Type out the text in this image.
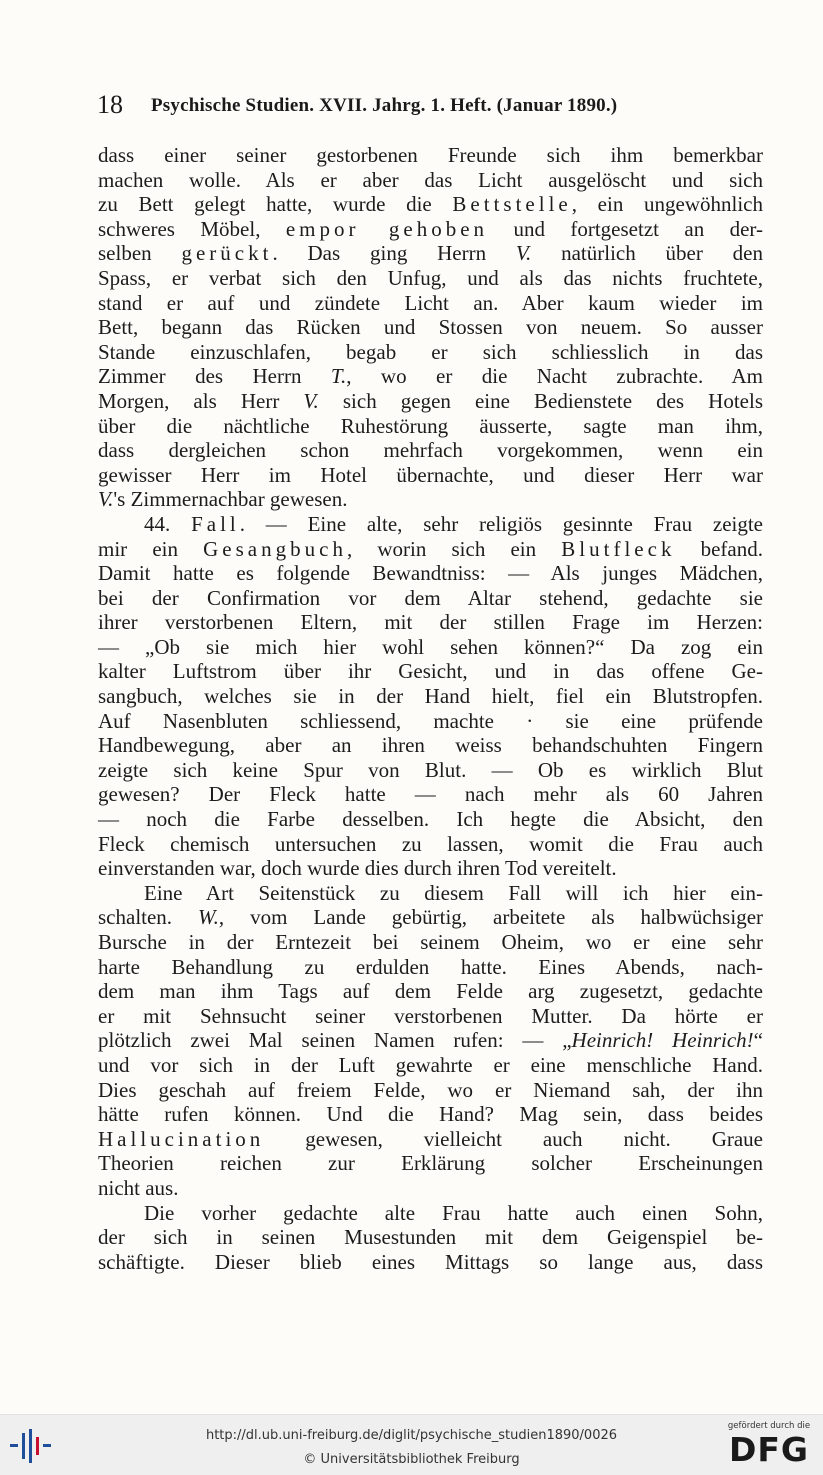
18 Psychische Studien. XVII. Jahrg. 1. Heft. (Januar 1890.)
dass einer seiner gestorbenen Freunde sich ihm bemerkbar
machen wolle. Als er aber das Licht ausgelöscht und sich
zu Bett gelegt hatte, wurde die Bettstelle, ein ungewöhnlich
schweres Möbel, empor gehoben und fortgesetzt an der-
selben gerückt. Das ging Herrn V. natürlich über den
Spass, er verbat sich den Unfug, und als das nichts fruchtete,
stand er auf und zündete Licht an. Aber kaum wieder im
Bett, begann das Rücken und Stossen von neuem. So ausser
Stande einzuschlafen, begab er sich schliesslich in das
Zimmer des Herrn T., wo er die Nacht zubrachte. Am
Morgen, als Herr V. sich gegen eine Bedienstete des Hotels
über die nächtliche Ruhestörung äusserte, sagte man ihm,
dass dergleichen schon mehrfach vorgekommen, wenn ein
gewisser Herr im Hotel übernachte, und dieser Herr war
V.'s Zimmernachbar gewesen.
44. Fall. — Eine alte, sehr religiös gesinnte Frau zeigte
mir ein Gesangbuch, worin sich ein Blutfleck befand.
Damit hatte es folgende Bewandtniss: — Als junges Mädchen,
bei der Confirmation vor dem Altar stehend, gedachte sie
ihrer verstorbenen Eltern, mit der stillen Frage im Herzen:
— „Ob sie mich hier wohl sehen können?“ Da zog ein
kalter Luftstrom über ihr Gesicht, und in das offene Ge-
sangbuch, welches sie in der Hand hielt, fiel ein Blutstropfen.
Auf Nasenbluten schliessend, machte · sie eine prüfende
Handbewegung, aber an ihren weiss behandschuhten Fingern
zeigte sich keine Spur von Blut. — Ob es wirklich Blut
gewesen? Der Fleck hatte — nach mehr als 60 Jahren
— noch die Farbe desselben. Ich hegte die Absicht, den
Fleck chemisch untersuchen zu lassen, womit die Frau auch
einverstanden war, doch wurde dies durch ihren Tod vereitelt.
Eine Art Seitenstück zu diesem Fall will ich hier ein-
schalten. W., vom Lande gebürtig, arbeitete als halbwüchsiger
Bursche in der Erntezeit bei seinem Oheim, wo er eine sehr
harte Behandlung zu erdulden hatte. Eines Abends, nach-
dem man ihm Tags auf dem Felde arg zugesetzt, gedachte
er mit Sehnsucht seiner verstorbenen Mutter. Da hörte er
plötzlich zwei Mal seinen Namen rufen: — „Heinrich! Heinrich!“
und vor sich in der Luft gewahrte er eine menschliche Hand.
Dies geschah auf freiem Felde, wo er Niemand sah, der ihn
hätte rufen können. Und die Hand? Mag sein, dass beides
Hallucination gewesen, vielleicht auch nicht. Graue
Theorien reichen zur Erklärung solcher Erscheinungen
nicht aus.
Die vorher gedachte alte Frau hatte auch einen Sohn,
der sich in seinen Musestunden mit dem Geigenspiel be-
schäftigte. Dieser blieb eines Mittags so lange aus, dass
http://dl.ub.uni-freiburg.de/diglit/psychische_studien1890/0026
© Universitätsbibliothek Freiburg
gefördert durch die
DFG
